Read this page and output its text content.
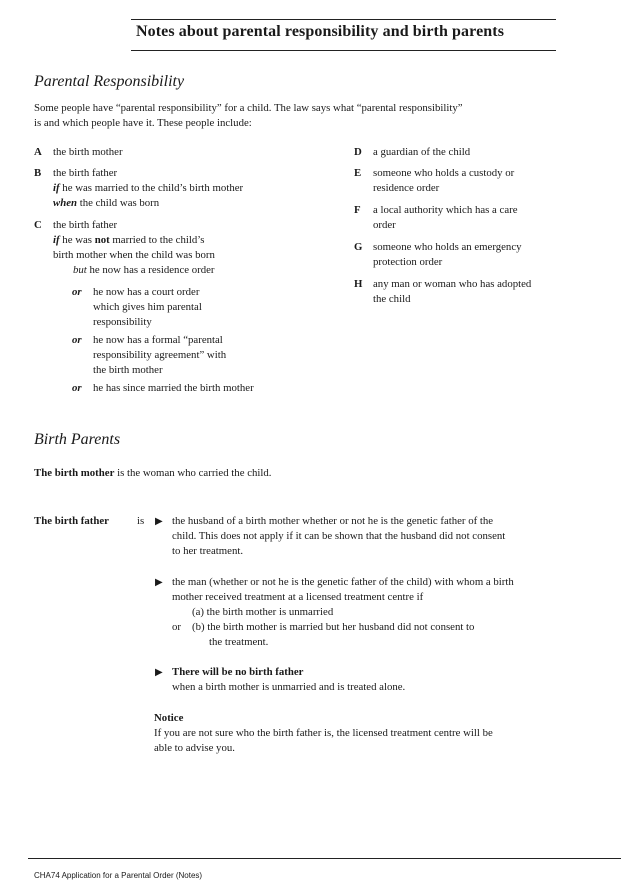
Notes about parental responsibility and birth parents
Parental Responsibility
Some people have “parental responsibility” for a child. The law says what “parental responsibility”
is and which people have it. These people include:
A the birth mother
B the birth father
if he was married to the child’s birth mother
when the child was born
C the birth father
if he was not married to the child’s
birth mother when the child was born
but he now has a residence order
or he now has a court order
which gives him parental
responsibility
or he now has a formal “parental
responsibility agreement” with
the birth mother
or he has since married the birth mother
D a guardian of the child
E someone who holds a custody or
residence order
F a local authority which has a care
order
G someone who holds an emergency
protection order
H any man or woman who has adopted
the child
Birth Parents
The birth mother is the woman who carried the child.
The birth father	is ▶ the husband of a birth mother whether or not he is the genetic father of the
child. This does not apply if it can be shown that the husband did not consent
to her treatment.
▶ the man (whether or not he is the genetic father of the child) with whom a birth
mother received treatment at a licensed treatment centre if
(a) the birth mother is unmarried
or (b) the birth mother is married but her husband did not consent to
the treatment.
▶ There will be no birth father
when a birth mother is unmarried and is treated alone.
Notice
If you are not sure who the birth father is, the licensed treatment centre will be
able to advise you.
CHA74 Application for a Parental Order (Notes)
